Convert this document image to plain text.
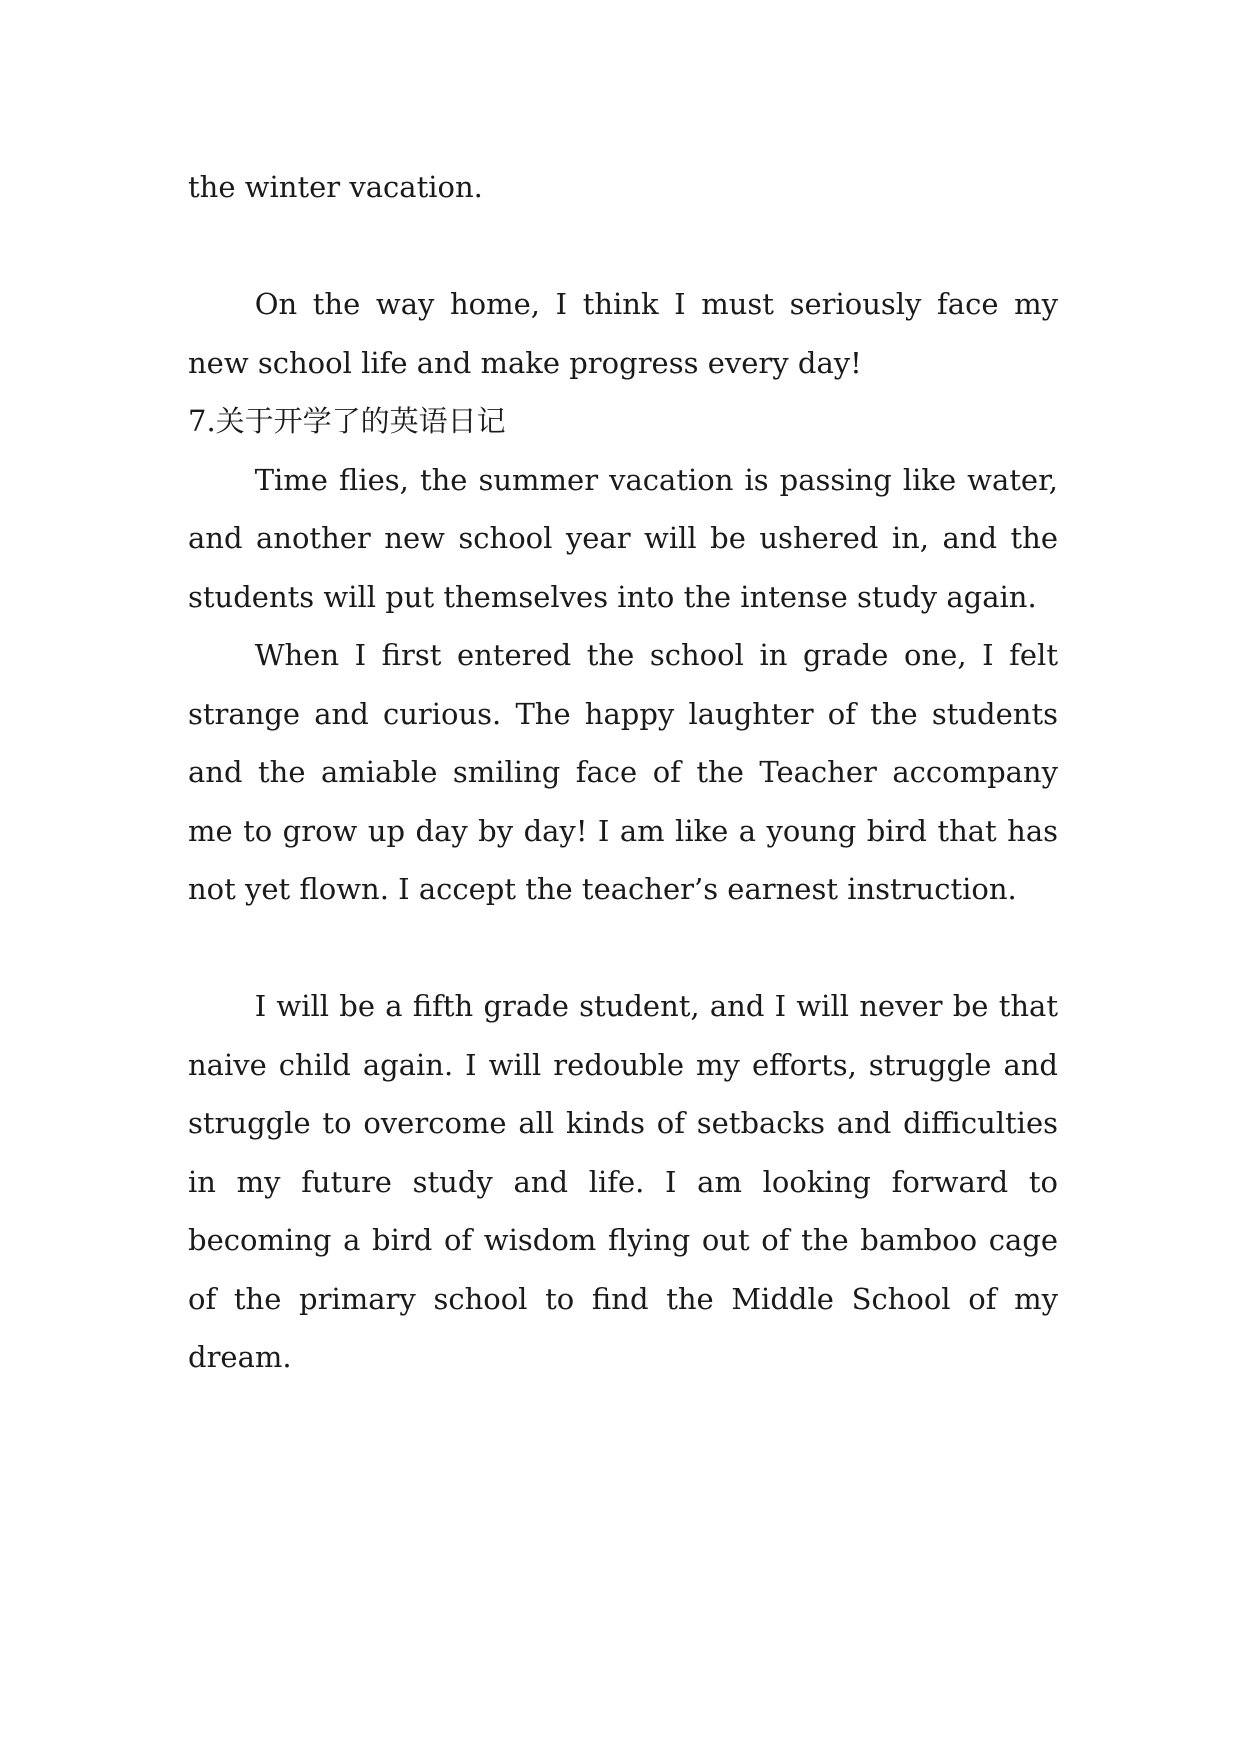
the winter vacation.

On the way home, I think I must seriously face my new school life and make progress every day!

7.关于开学了的英语日记

Time flies, the summer vacation is passing like water, and another new school year will be ushered in, and the students will put themselves into the intense study again.

When I first entered the school in grade one, I felt strange and curious. The happy laughter of the students and the amiable smiling face of the Teacher accompany me to grow up day by day! I am like a young bird that has not yet flown. I accept the teacher’s earnest instruction.

I will be a fifth grade student, and I will never be that naive child again. I will redouble my efforts, struggle and struggle to overcome all kinds of setbacks and difficulties in my future study and life. I am looking forward to becoming a bird of wisdom flying out of the bamboo cage of the primary school to find the Middle School of my dream.
